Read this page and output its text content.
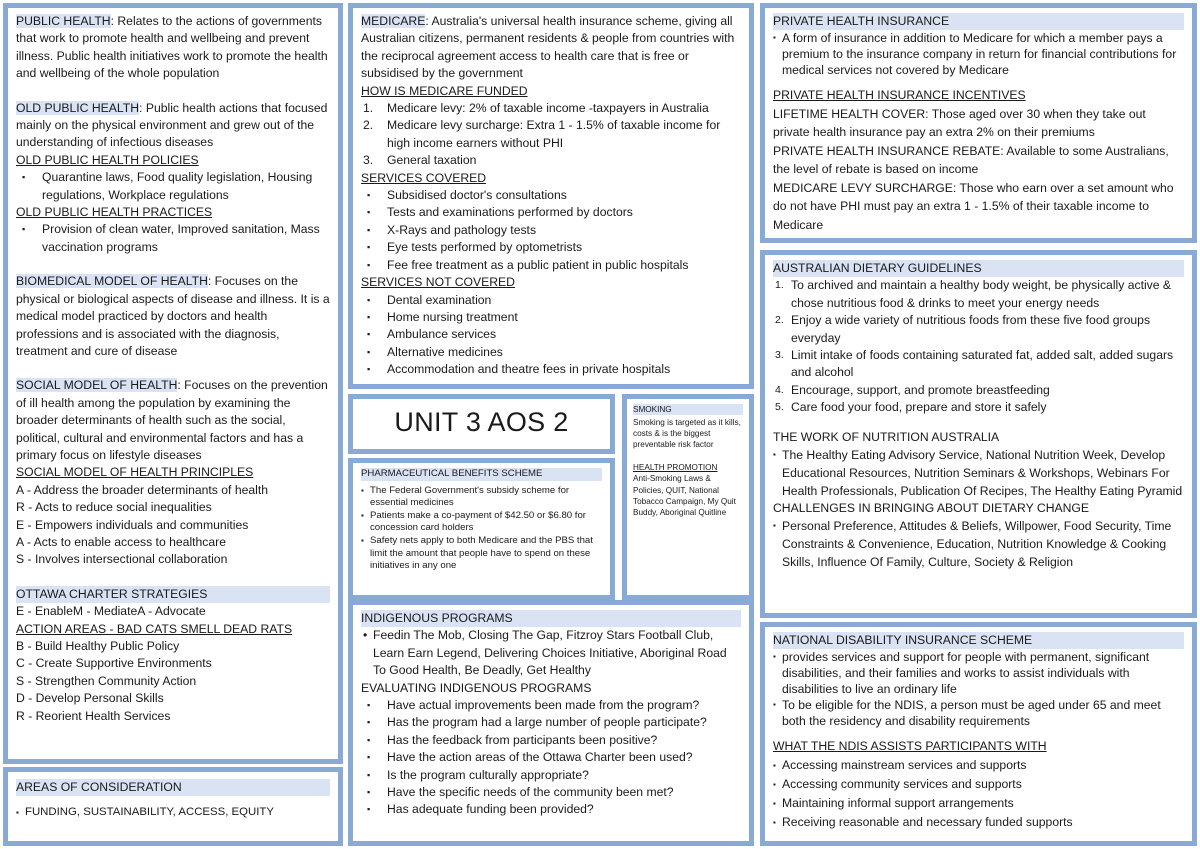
PUBLIC HEALTH: Relates to the actions of governments that work to promote health and wellbeing and prevent illness. Public health initiatives work to promote the health and wellbeing of the whole population
OLD PUBLIC HEALTH: Public health actions that focused mainly on the physical environment and grew out of the understanding of infectious diseases
OLD PUBLIC HEALTH POLICIES
▪ Quarantine laws, Food quality legislation, Housing regulations, Workplace regulations
OLD PUBLIC HEALTH PRACTICES
▪ Provision of clean water, Improved sanitation, Mass vaccination programs
BIOMEDICAL MODEL OF HEALTH: Focuses on the physical or biological aspects of disease and illness. It is a medical model practiced by doctors and health professions and is associated with the diagnosis, treatment and cure of disease
SOCIAL MODEL OF HEALTH: Focuses on the prevention of ill health among the population by examining the broader determinants of health such as the social, political, cultural and environmental factors and has a primary focus on lifestyle diseases
SOCIAL MODEL OF HEALTH PRINCIPLES
A - Address the broader determinants of health
R - Acts to reduce social inequalities
E - Empowers individuals and communities
A - Acts to enable access to healthcare
S - Involves intersectional collaboration
OTTAWA CHARTER STRATEGIES
E - EnableM - MediateA - Advocate
ACTION AREAS - BAD CATS SMELL DEAD RATS
B - Build Healthy Public Policy
C - Create Supportive Environments
S - Strengthen Community Action
D - Develop Personal Skills
R - Reorient Health Services
AREAS OF CONSIDERATION
▪ FUNDING, SUSTAINABILITY, ACCESS, EQUITY
MEDICARE: Australia's universal health insurance scheme, giving all Australian citizens, permanent residents & people from countries with the reciprocal agreement access to health care that is free or subsidised by the government
HOW IS MEDICARE FUNDED
Medicare levy: 2% of taxable income -taxpayers in Australia
Medicare levy surcharge: Extra 1 - 1.5% of taxable income for high income earners without PHI
General taxation
SERVICES COVERED
▪ Subsidised doctor's consultations
▪ Tests and examinations performed by doctors
▪ X-Rays and pathology tests
▪ Eye tests performed by optometrists
▪ Fee free treatment as a public patient in public hospitals
SERVICES NOT COVERED
▪ Dental examination
▪ Home nursing treatment
▪ Ambulance services
▪ Alternative medicines
▪ Accommodation and theatre fees in private hospitals
UNIT 3 AOS 2
PHARMACEUTICAL BENEFITS SCHEME
▪ The Federal Government's subsidy scheme for essential medicines
▪ Patients make a co-payment of $42.50 or $6.80 for concession card holders
▪ Safety nets apply to both Medicare and the PBS that limit the amount that people have to spend on these initiatives in any one
SMOKING
Smoking is targeted as it kills, costs & is the biggest preventable risk factor
HEALTH PROMOTION
Anti-Smoking Laws & Policies, QUIT, National Tobacco Campaign, My Quit Buddy, Aboriginal Quitline
INDIGENOUS PROGRAMS
• Feedin The Mob, Closing The Gap, Fitzroy Stars Football Club, Learn Earn Legend, Delivering Choices Initiative, Aboriginal Road To Good Health, Be Deadly, Get Healthy
EVALUATING INDIGENOUS PROGRAMS
▪ Have actual improvements been made from the program?
▪ Has the program had a large number of people participate?
▪ Has the feedback from participants been positive?
▪ Have the action areas of the Ottawa Charter been used?
▪ Is the program culturally appropriate?
▪ Have the specific needs of the community been met?
▪ Has adequate funding been provided?
PRIVATE HEALTH INSURANCE
▪ A form of insurance in addition to Medicare for which a member pays a premium to the insurance company in return for financial contributions for medical services not covered by Medicare
PRIVATE HEALTH INSURANCE INCENTIVES
LIFETIME HEALTH COVER: Those aged over 30 when they take out private health insurance pay an extra 2% on their premiums
PRIVATE HEALTH INSURANCE REBATE: Available to some Australians, the level of rebate is based on income
MEDICARE LEVY SURCHARGE: Those who earn over a set amount who do not have PHI must pay an extra 1 - 1.5% of their taxable income to Medicare
AUSTRALIAN DIETARY GUIDELINES
To archived and maintain a healthy body weight, be physically active & chose nutritious food & drinks to meet your energy needs
Enjoy a wide variety of nutritious foods from these five food groups everyday
Limit intake of foods containing saturated fat, added salt, added sugars and alcohol
Encourage, support, and promote breastfeeding
Care food your food, prepare and store it safely
THE WORK OF NUTRITION AUSTRALIA
▪ The Healthy Eating Advisory Service, National Nutrition Week, Develop Educational Resources, Nutrition Seminars & Workshops, Webinars For Health Professionals, Publication Of Recipes, The Healthy Eating Pyramid
CHALLENGES IN BRINGING ABOUT DIETARY CHANGE
▪ Personal Preference, Attitudes & Beliefs, Willpower, Food Security, Time Constraints & Convenience, Education, Nutrition Knowledge & Cooking Skills, Influence Of Family, Culture, Society & Religion
NATIONAL DISABILITY INSURANCE SCHEME
▪ provides services and support for people with permanent, significant disabilities, and their families and works to assist individuals with disabilities to live an ordinary life
▪ To be eligible for the NDIS, a person must be aged under 65 and meet both the residency and disability requirements
WHAT THE NDIS ASSISTS PARTICIPANTS WITH
▪ Accessing mainstream services and supports
▪ Accessing community services and supports
▪ Maintaining informal support arrangements
▪ Receiving reasonable and necessary funded supports
